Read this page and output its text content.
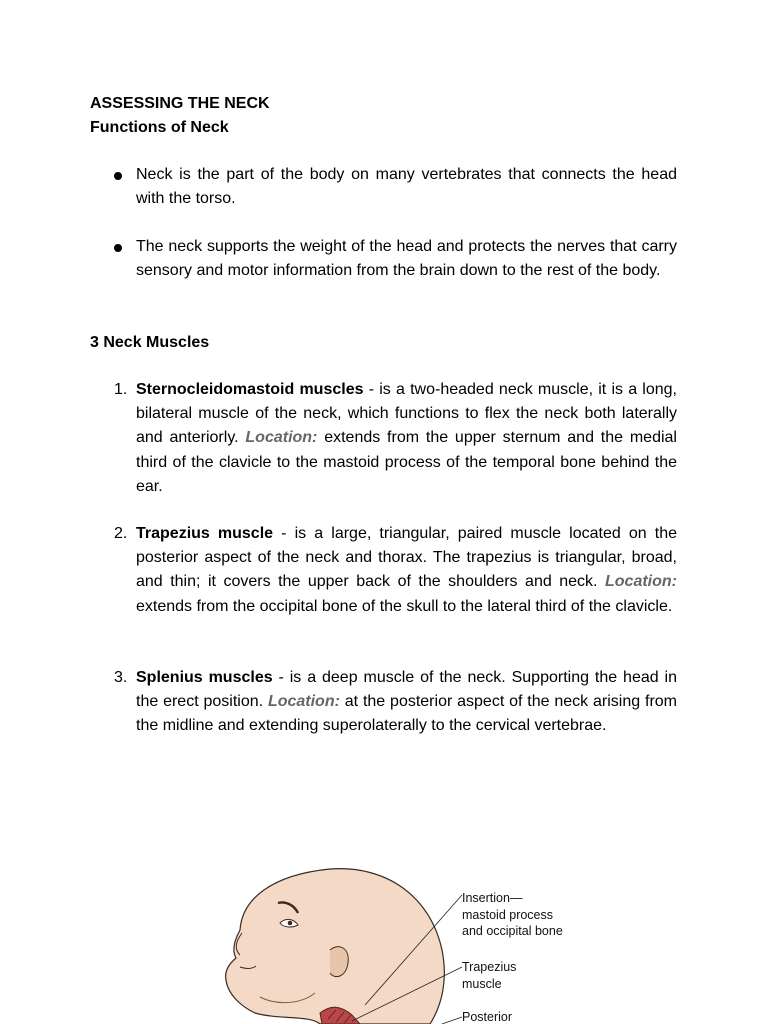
ASSESSING THE NECK
Functions of Neck

Neck is the part of the body on many vertebrates that connects the head with the torso.

The neck supports the weight of the head and protects the nerves that carry sensory and motor information from the brain down to the rest of the body.

3 Neck Muscles
1. Sternocleidomastoid muscles - is a two-headed neck muscle, it is a long, bilateral muscle of the neck, which functions to flex the neck both laterally and anteriorly. Location: extends from the upper sternum and the medial third of the clavicle to the mastoid process of the temporal bone behind the ear.

2. Trapezius muscle - is a large, triangular, paired muscle located on the posterior aspect of the neck and thorax. The trapezius is triangular, broad, and thin; it covers the upper back of the shoulders and neck. Location: extends from the occipital bone of the skull to the lateral third of the clavicle.

3. Splenius muscles - is a deep muscle of the neck. Supporting the head in the erect position. Location: at the posterior aspect of the neck arising from the midline and extending superolaterally to the cervical vertebrae.

Insertion—
mastoid process
and occipital bone
Trapezius
muscle
Posterior
